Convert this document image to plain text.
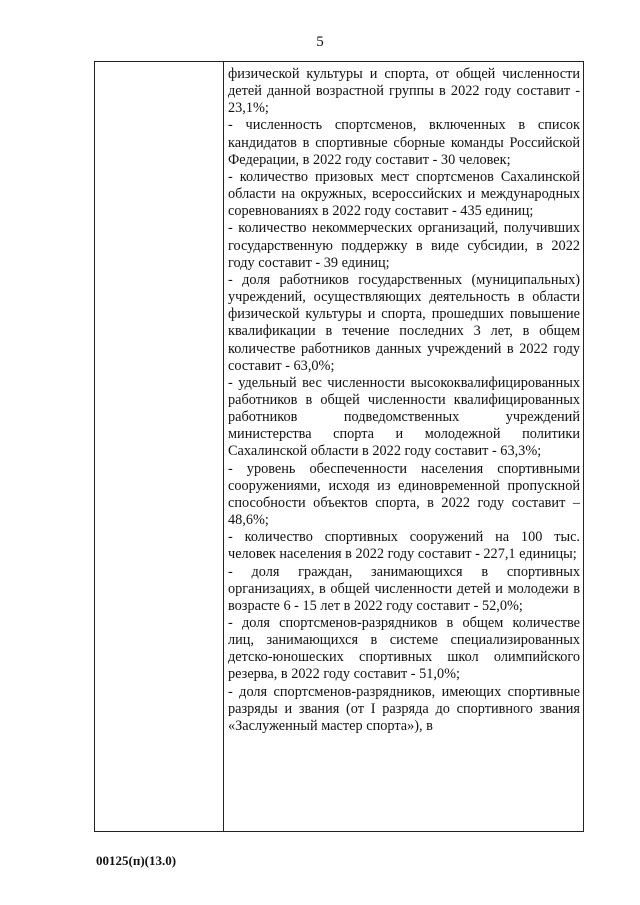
5

физической культуры и спорта, от общей численности детей данной возрастной группы в 2022 году составит - 23,1%;

- численность спортсменов, включенных в список кандидатов в спортивные сборные команды Российской Федерации, в 2022 году составит - 30 человек;

- количество призовых мест спортсменов Сахалинской области на окружных, всероссийских и международных соревнованиях в 2022 году составит - 435 единиц;

- количество некоммерческих организаций, получивших государственную поддержку в виде субсидии, в 2022 году составит - 39 единиц;

- доля работников государственных (муниципальных) учреждений, осуществляющих деятельность в области физической культуры и спорта, прошедших повышение квалификации в течение последних 3 лет, в общем количестве работников данных учреждений в 2022 году составит - 63,0%;

- удельный вес численности высококвалифицированных работников в общей численности квалифицированных работников подведомственных учреждений министерства спорта и молодежной политики Сахалинской области в 2022 году составит - 63,3%;

- уровень обеспеченности населения спортивными сооружениями, исходя из единовременной пропускной способности объектов спорта, в 2022 году составит – 48,6%;

- количество спортивных сооружений на 100 тыс. человек населения в 2022 году составит - 227,1 единицы;

- доля граждан, занимающихся в спортивных организациях, в общей численности детей и молодежи в возрасте 6 - 15 лет в 2022 году составит - 52,0%;

- доля спортсменов-разрядников в общем количестве лиц, занимающихся в системе специализированных детско-юношеских спортивных школ олимпийского резерва, в 2022 году составит - 51,0%;

- доля спортсменов-разрядников, имеющих спортивные разряды и звания (от I разряда до спортивного звания «Заслуженный мастер спорта»), в

00125(п)(13.0)
